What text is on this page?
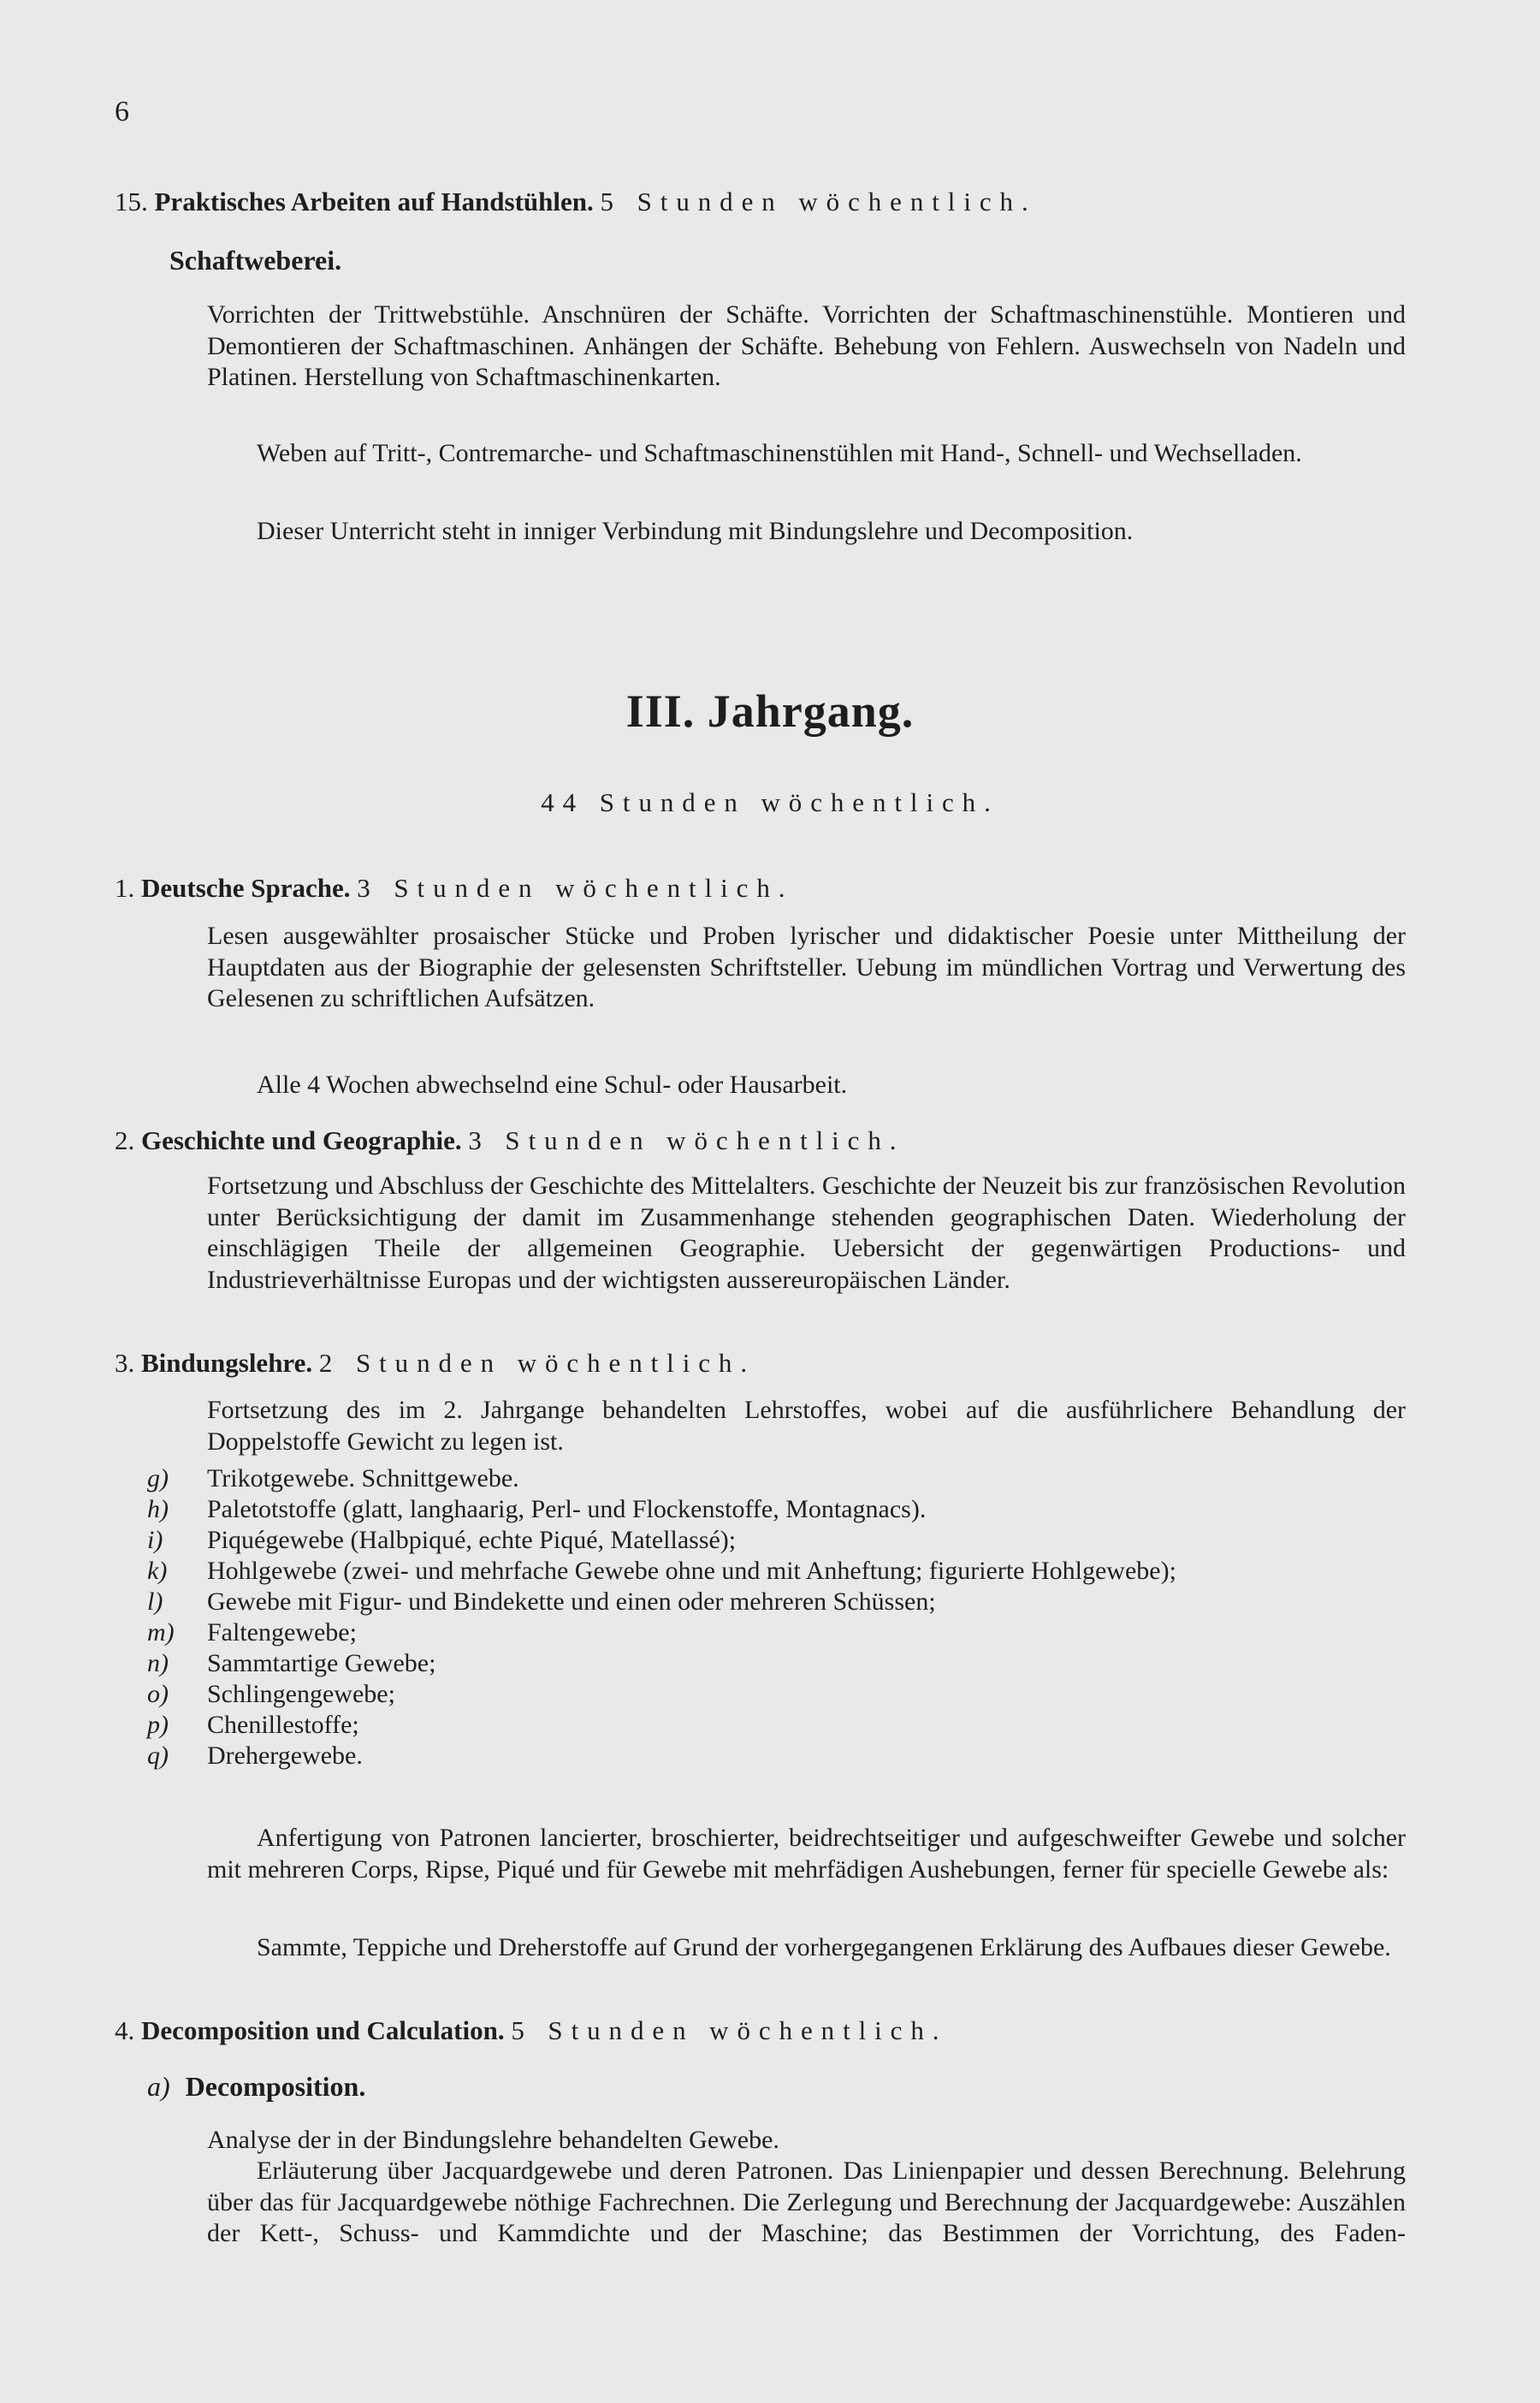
6
15. Praktisches Arbeiten auf Handstühlen. 5 Stunden wöchentlich.
Schaftweberei.
Vorrichten der Trittwebstühle. Anschnüren der Schäfte. Vorrichten der Schaftmaschinenstühle. Montieren und Demontieren der Schaftmaschinen. Anhängen der Schäfte. Behebung von Fehlern. Auswechseln von Nadeln und Platinen. Herstellung von Schaftmaschinenkarten.
Weben auf Tritt-, Contremarche- und Schaftmaschinenstühlen mit Hand-, Schnell- und Wechselladen.
Dieser Unterricht steht in inniger Verbindung mit Bindungslehre und Decomposition.
III. Jahrgang.
44 Stunden wöchentlich.
1. Deutsche Sprache. 3 Stunden wöchentlich.
Lesen ausgewählter prosaischer Stücke und Proben lyrischer und didaktischer Poesie unter Mittheilung der Hauptdaten aus der Biographie der gelesensten Schriftsteller. Uebung im mündlichen Vortrag und Verwertung des Gelesenen zu schriftlichen Aufsätzen.
Alle 4 Wochen abwechselnd eine Schul- oder Hausarbeit.
2. Geschichte und Geographie. 3 Stunden wöchentlich.
Fortsetzung und Abschluss der Geschichte des Mittelalters. Geschichte der Neuzeit bis zur französischen Revolution unter Berücksichtigung der damit im Zusammenhange stehenden geographischen Daten. Wiederholung der einschlägigen Theile der allgemeinen Geographie. Uebersicht der gegenwärtigen Productions- und Industrieverhältnisse Europas und der wichtigsten aussereuropäischen Länder.
3. Bindungslehre. 2 Stunden wöchentlich.
Fortsetzung des im 2. Jahrgange behandelten Lehrstoffes, wobei auf die ausführlichere Behandlung der Doppelstoffe Gewicht zu legen ist.
g)	Trikotgewebe. Schnittgewebe.
h)	Paletotstoffe (glatt, langhaarig, Perl- und Flockenstoffe, Montagnacs).
i)	Piquégewebe (Halbpiqué, echte Piqué, Matellassé);
k)	Hohlgewebe (zwei- und mehrfache Gewebe ohne und mit Anheftung; figurierte Hohlgewebe);
l)	Gewebe mit Figur- und Bindekette und einen oder mehreren Schüssen;
m)	Faltengewebe;
n)	Sammtartige Gewebe;
o)	Schlingengewebe;
p)	Chenillestoffe;
q)	Drehergewebe.
Anfertigung von Patronen lancierter, broschierter, beidrechtseitiger und aufgeschweifter Gewebe und solcher mit mehreren Corps, Ripse, Piqué und für Gewebe mit mehrfädigen Aushebungen, ferner für specielle Gewebe als:
Sammte, Teppiche und Dreherstoffe auf Grund der vorhergegangenen Erklärung des Aufbaues dieser Gewebe.
4. Decomposition und Calculation. 5 Stunden wöchentlich.
a) Decomposition.
Analyse der in der Bindungslehre behandelten Gewebe.
Erläuterung über Jacquardgewebe und deren Patronen. Das Linienpapier und dessen Berechnung. Belehrung über das für Jacquardgewebe nöthige Fachrechnen. Die Zerlegung und Berechnung der Jacquardgewebe: Auszählen der Kett-, Schuss- und Kammdichte und der Maschine; das Bestimmen der Vorrichtung, des Faden-
